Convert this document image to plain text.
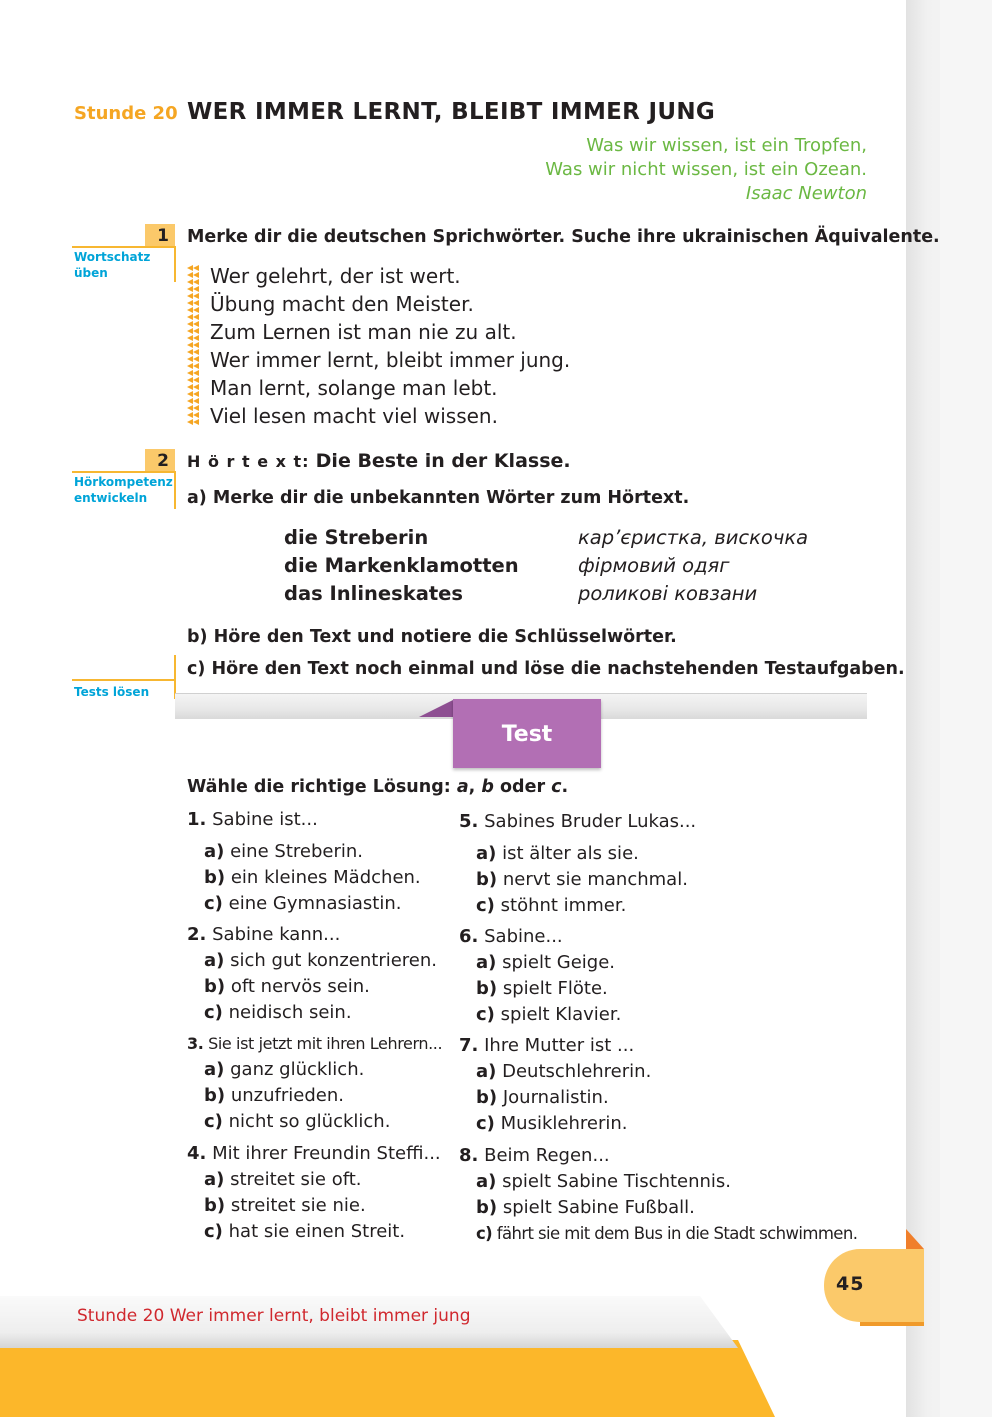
Stunde 20 WER IMMER LERNT, BLEIBT IMMER JUNG
Was wir wissen, ist ein Tropfen,
Was wir nicht wissen, ist ein Ozean.
Isaac Newton
1
Wortschatz
üben
Merke dir die deutschen Sprichwörter. Suche ihre ukrainischen Äquivalente.
Wer gelehrt, der ist wert.
Übung macht den Meister.
Zum Lernen ist man nie zu alt.
Wer immer lernt, bleibt immer jung.
Man lernt, solange man lebt.
Viel lesen macht viel wissen.
2
Hörkompetenz
entwickeln
H ö r t e x t: Die Beste in der Klasse.
a) Merke dir die unbekannten Wörter zum Hörtext.
die Streberin	кар’єристка, вискочка
die Markenklamotten	фірмовий одяг
das Inlineskates	роликові ковзани
b) Höre den Text und notiere die Schlüsselwörter.
Tests lösen
c) Höre den Text noch einmal und löse die nachstehenden Testaufgaben.
Test
Wähle die richtige Lösung: a, b oder c.
1. Sabine ist...
a) eine Streberin.
b) ein kleines Mädchen.
c) eine Gymnasiastin.
2. Sabine kann...
a) sich gut konzentrieren.
b) oft nervös sein.
c) neidisch sein.
3. Sie ist jetzt mit ihren Lehrern...
a) ganz glücklich.
b) unzufrieden.
c) nicht so glücklich.
4. Mit ihrer Freundin Steffi...
a) streitet sie oft.
b) streitet sie nie.
c) hat sie einen Streit.
5. Sabines Bruder Lukas...
a) ist älter als sie.
b) nervt sie manchmal.
c) stöhnt immer.
6. Sabine...
a) spielt Geige.
b) spielt Flöte.
c) spielt Klavier.
7. Ihre Mutter ist ...
a) Deutschlehrerin.
b) Journalistin.
c) Musiklehrerin.
8. Beim Regen...
a) spielt Sabine Tischtennis.
b) spielt Sabine Fußball.
c) fährt sie mit dem Bus in die Stadt schwimmen.
45
Stunde 20 Wer immer lernt, bleibt immer jung
